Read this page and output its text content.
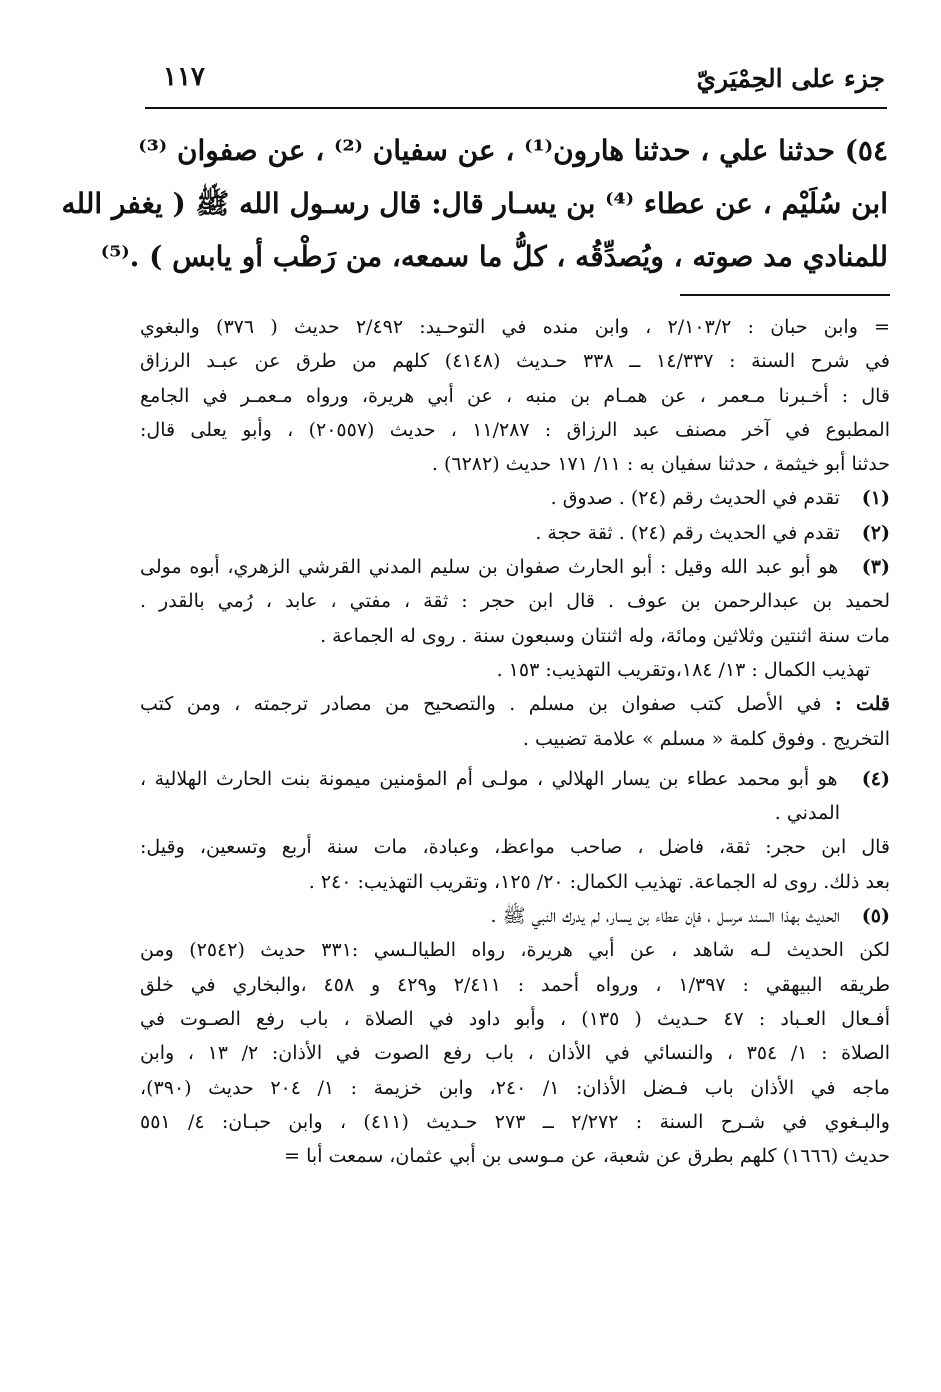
جزء على الحِمْيَريّ
١١٧
٥٤) حدثنا علي ، حدثنا هارون⁽¹⁾ ، عن سفيان ⁽²⁾ ، عن صفوان ⁽³⁾
ابن سُلَيْم ، عن عطاء ⁽⁴⁾ بن يسـار قال: قال رسـول الله ﷺ ( يغفر الله
للمنادي مد صوته ، ويُصدِّقُه ، كلُّ ما سمعه، من رَطْب أو يابس ) .⁽⁵⁾
= وابن حبان : ٢/١٠٣/٢ ، وابن منده في التوحـيد: ٢/٤٩٢ حديث ( ٣٧٦) والبغوي
في شرح السنة : ١٤/٣٣٧ ــ ٣٣٨ حـديث (٤١٤٨) كلهم من طرق عن عبـد الرزاق
قال : أخـبرنا مـعمر ، عن همـام بن منبه ، عن أبي هريرة، ورواه مـعمـر في الجامع
المطبوع في آخر مصنف عبد الرزاق : ١١/٢٨٧ ، حديث (٢٠٥٥٧) ، وأبو يعلى قال:
حدثنا أبو خيثمة ، حدثنا سفيان به : ١١/ ١٧١ حديث (٦٢٨٢) .
(١) تقدم في الحديث رقم (٢٤) . صدوق .
(٢) تقدم في الحديث رقم (٢٤) . ثقة حجة .
(٣) هو أبو عبد الله وقيل : أبو الحارث صفوان بن سليم المدني القرشي الزهري، أبوه مولى
لحميد بن عبدالرحمن بن عوف . قال ابن حجر : ثقة ، مفتي ، عابد ، رُمي بالقدر .
مات سنة اثنتين وثلاثين ومائة، وله اثنتان وسبعون سنة . روى له الجماعة .
تهذيب الكمال : ١٣/ ١٨٤،وتقريب التهذيب: ١٥٣ .
قلت : في الأصل كتب صفوان بن مسلم . والتصحيح من مصادر ترجمته ، ومن كتب
التخريج . وفوق كلمة « مسلم » علامة تضبيب .
(٤) هو أبو محمد عطاء بن يسار الهلالي ، مولـى أم المؤمنين ميمونة بنت الحارث الهلالية ،
المدني .
قال ابن حجر: ثقة، فاضل ، صاحب مواعظ، وعبادة، مات سنة أربع وتسعين، وقيل:
بعد ذلك. روى له الجماعة. تهذيب الكمال: ٢٠/ ١٢٥، وتقريب التهذيب: ٢٤٠ .
(٥) الحديث بهذا السند مرسل ، فإن عطاء بن يسار، لم يدرك النبي ﷺ .
لكن الحديث لـه شاهد ، عن أبي هريرة، رواه الطيالـسي :٣٣١ حديث (٢٥٤٢) ومن
طريقه البيهقي : ١/٣٩٧ ، ورواه أحمد : ٢/٤١١ و٤٢٩ و ٤٥٨ ،والبخاري في خلق
أفـعال العـباد : ٤٧ حـديث ( ١٣٥) ، وأبو داود في الصلاة ، باب رفع الصـوت في
الصلاة : ١/ ٣٥٤ ، والنسائي في الأذان ، باب رفع الصوت في الأذان: ٢/ ١٣ ، وابن
ماجه في الأذان باب فـضل الأذان: ١/ ٢٤٠، وابن خزيمة : ١/ ٢٠٤ حديث (٣٩٠)،
والبـغوي في شـرح السنة : ٢/٢٧٢ ــ ٢٧٣ حـديث (٤١١) ، وابن حبـان: ٤/ ٥٥١
حديث (١٦٦٦) كلهم بطرق عن شعبة، عن مـوسى بن أبي عثمان، سمعت أبا =
